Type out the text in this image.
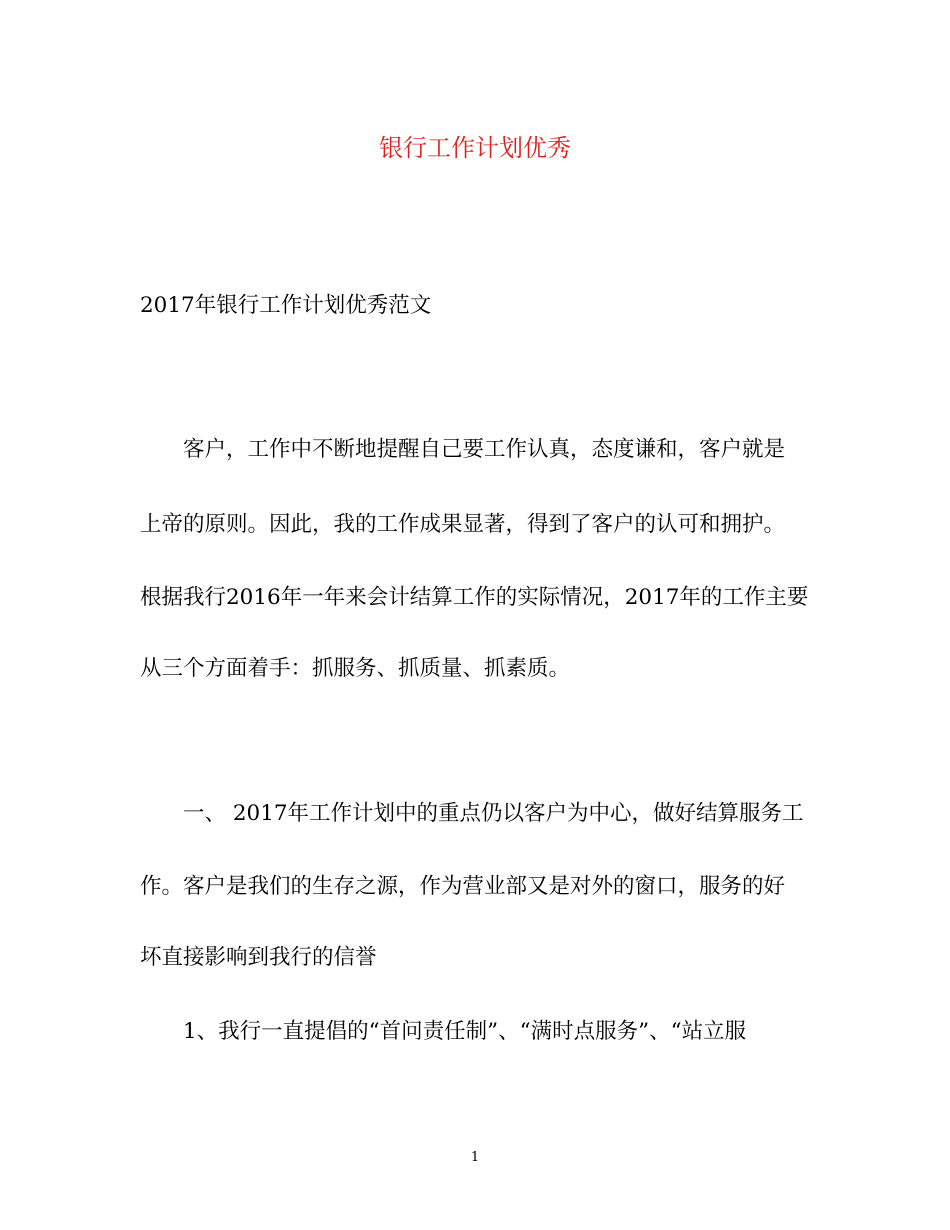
银行工作计划优秀

2017年银行工作计划优秀范文

客户，工作中不断地提醒自己要工作认真，态度谦和，客户就是

上帝的原则。因此，我的工作成果显著，得到了客户的认可和拥护。

根据我行2016年一年来会计结算工作的实际情况，2017年的工作主要

从三个方面着手：抓服务、抓质量、抓素质。

一、 2017年工作计划中的重点仍以客户为中心，做好结算服务工

作。客户是我们的生存之源，作为营业部又是对外的窗口，服务的好

坏直接影响到我行的信誉

1、我行一直提倡的“首问责任制”、“满时点服务”、“站立服

1
